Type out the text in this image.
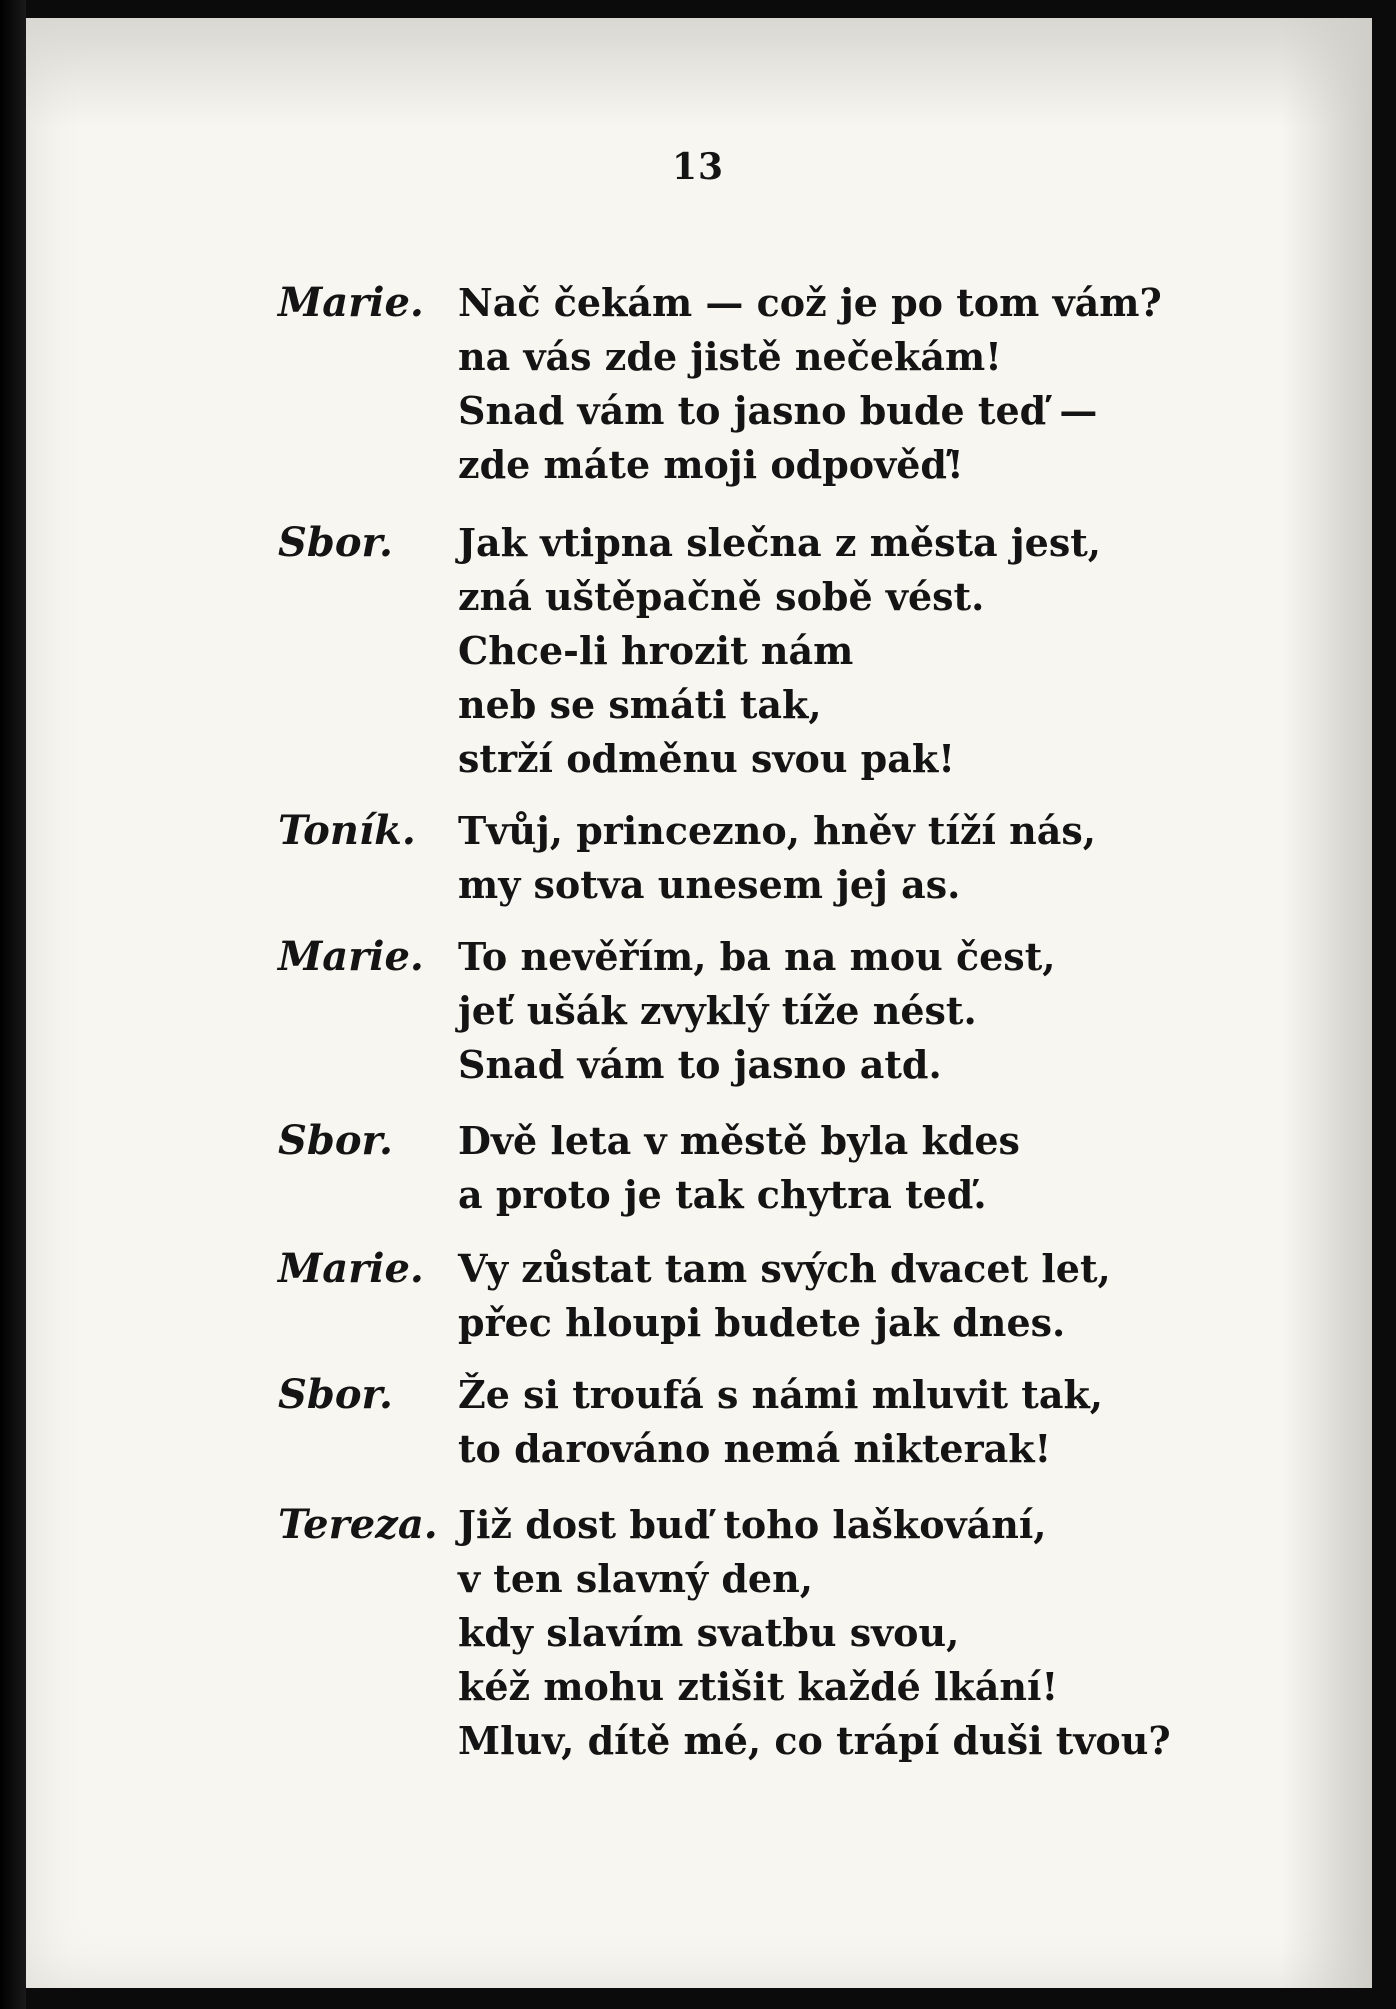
13
Marie. Nač čekám — což je po tom vám?
na vás zde jistě nečekám!
Snad vám to jasno bude teď —
zde máte moji odpověď!
Sbor. Jak vtipna slečna z města jest,
zná uštěpačně sobě vést.
Chce-li hrozit nám
neb se smáti tak,
strží odměnu svou pak!
Toník. Tvůj, princezno, hněv tíží nás,
my sotva unesem jej as.
Marie. To nevěřím, ba na mou čest,
jeť ušák zvyklý tíže nést.
Snad vám to jasno atd.
Sbor. Dvě leta v městě byla kdes
a proto je tak chytra teď.
Marie. Vy zůstat tam svých dvacet let,
přec hloupi budete jak dnes.
Sbor. Že si troufá s námi mluvit tak,
to darováno nemá nikterak!
Tereza. Již dost buď toho laškování,
v ten slavný den,
kdy slavím svatbu svou,
kéž mohu ztišit každé lkání!
Mluv, dítě mé, co trápí duši tvou?
